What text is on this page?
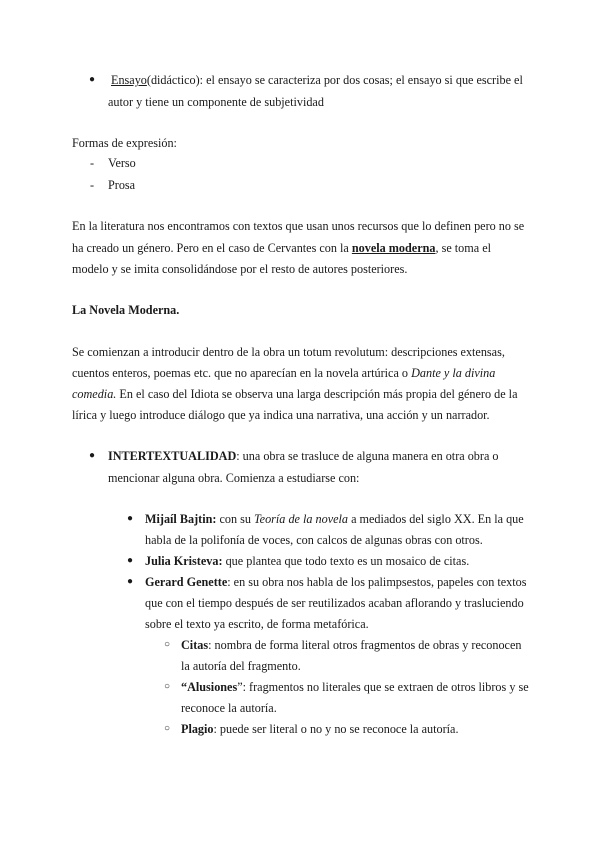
● Ensayo(didáctico): el ensayo se caracteriza por dos cosas; el ensayo si que escribe el
autor y tiene un componente de subjetividad
Formas de expresión:
- Verso
- Prosa
En la literatura nos encontramos con textos que usan unos recursos que lo definen pero no se
ha creado un género. Pero en el caso de Cervantes con la novela moderna, se toma el
modelo y se imita consolidándose por el resto de autores posteriores.
La Novela Moderna.
Se comienzan a introducir dentro de la obra un totum revolutum: descripciones extensas,
cuentos enteros, poemas etc. que no aparecían en la novela artúrica o Dante y la divina
comedia. En el caso del Idiota se observa una larga descripción más propia del género de la
lírica y luego introduce diálogo que ya indica una narrativa, una acción y un narrador.
● INTERTEXTUALIDAD: una obra se trasluce de alguna manera en otra obra o
mencionar alguna obra. Comienza a estudiarse con:
● Mijaíl Bajtin: con su Teoría de la novela a mediados del siglo XX. En la que
habla de la polifonía de voces, con calcos de algunas obras con otros.
● Julia Kristeva: que plantea que todo texto es un mosaico de citas.
● Gerard Genette: en su obra nos habla de los palimpsestos, papeles con textos
que con el tiempo después de ser reutilizados acaban aflorando y trasluciendo
sobre el texto ya escrito, de forma metafórica.
○ Citas: nombra de forma literal otros fragmentos de obras y reconocen
la autoría del fragmento.
○ “Alusiones”: fragmentos no literales que se extraen de otros libros y se
reconoce la autoría.
○ Plagio: puede ser literal o no y no se reconoce la autoría.
